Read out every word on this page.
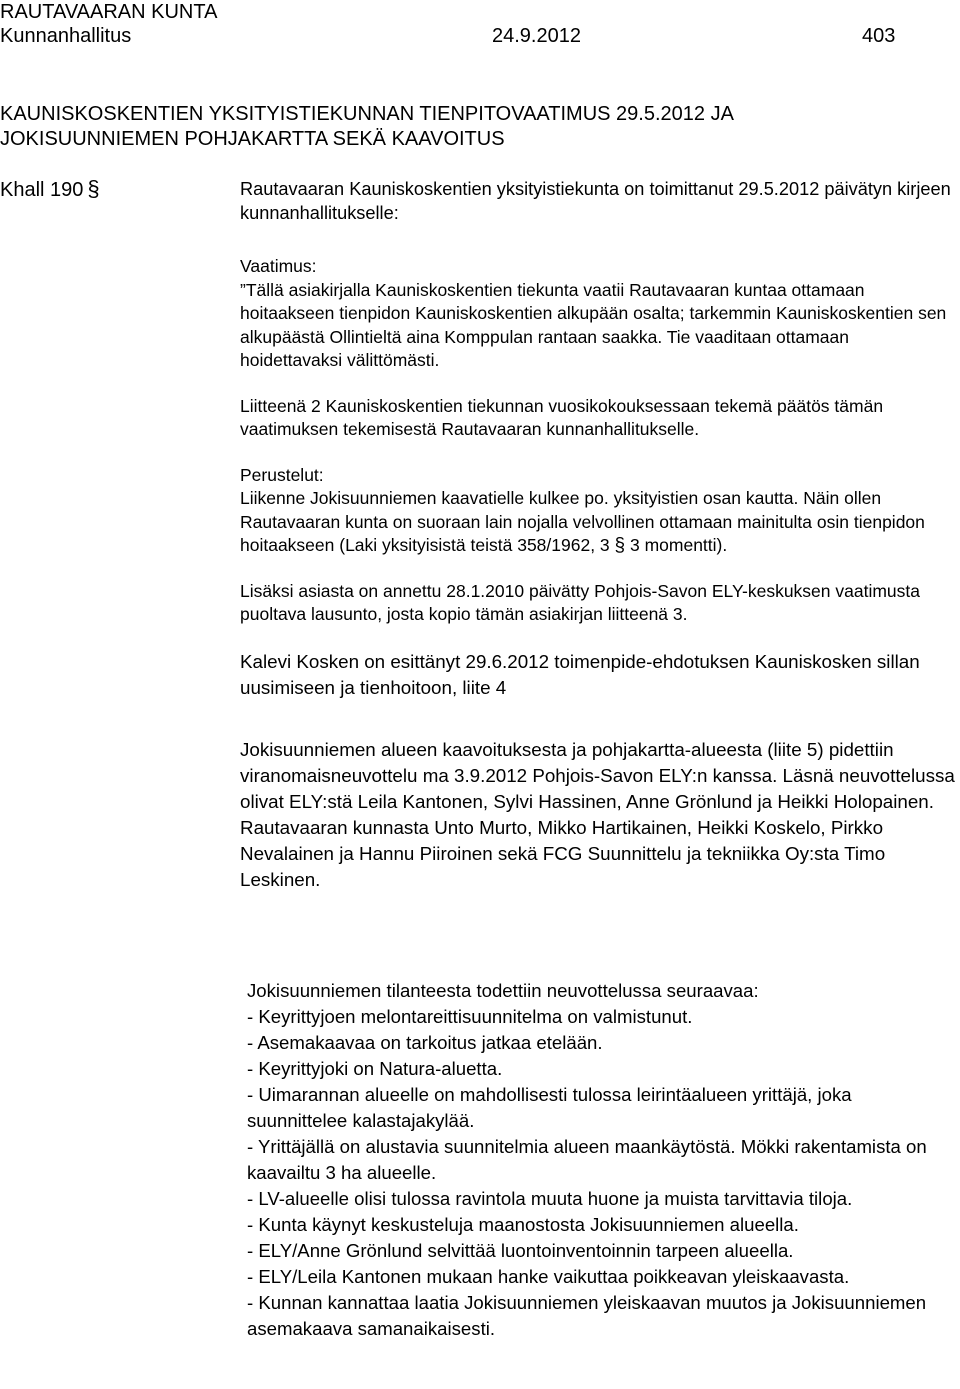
RAUTAVAARAN KUNTA
Kunnanhallitus	24.9.2012	403
KAUNISKOSKENTIEN YKSITYISTIEKUNNAN TIENPITOVAATIMUS 29.5.2012 JA
JOKISUUNNIEMEN POHJAKARTTA SEKÄ KAAVOITUS
Khall 190 §	Rautavaaran Kauniskoskentien yksityistiekunta on toimittanut 29.5.2012 päivätyn kirjeen kunnanhallitukselle:

Vaatimus:

”Tällä asiakirjalla Kauniskoskentien tiekunta vaatii Rautavaaran kuntaa ottamaan hoitaakseen tienpidon Kauniskoskentien alkupään osalta; tarkemmin Kauniskoskentien sen alkupäästä Ollintieltä aina Komppulan rantaan saakka. Tie vaaditaan ottamaan hoidettavaksi välittömästi.

Liitteenä 2 Kauniskoskentien tiekunnan vuosikokouksessaan tekemä päätös tämän vaatimuksen tekemisestä Rautavaaran kunnanhallitukselle.

Perustelut:

Liikenne Jokisuunniemen kaavatielle kulkee po. yksityistien osan kautta. Näin ollen Rautavaaran kunta on suoraan lain nojalla velvollinen ottamaan mainitulta osin tienpidon hoitaakseen (Laki yksityisistä teistä 358/1962, 3 § 3 momentti).

Lisäksi asiasta on annettu 28.1.2010 päivätty Pohjois-Savon ELY-keskuksen vaatimusta puoltava lausunto, josta kopio tämän asiakirjan liitteenä 3.

Kalevi Kosken on esittänyt 29.6.2012 toimenpide-ehdotuksen Kauniskosken sillan uusimiseen ja tienhoitoon, liite 4

Jokisuunniemen alueen kaavoituksesta ja pohjakartta-alueesta (liite 5) pidettiin viranomaisneuvottelu ma 3.9.2012 Pohjois-Savon ELY:n kanssa. Läsnä neuvottelussa olivat ELY:stä Leila Kantonen, Sylvi Hassinen, Anne Grönlund ja Heikki Holopainen. Rautavaaran kunnasta Unto Murto, Mikko Hartikainen, Heikki Koskelo, Pirkko Nevalainen ja Hannu Piiroinen sekä FCG Suunnittelu ja tekniikka Oy:sta Timo Leskinen.

Jokisuunniemen tilanteesta todettiin neuvottelussa seuraavaa:

- Keyrittyjoen melontareittisuunnitelma on valmistunut.
- Asemakaavaa on tarkoitus jatkaa etelään.
- Keyrittyjoki on Natura-aluetta.
- Uimarannan alueelle on mahdollisesti tulossa leirintäalueen yrittäjä, joka suunnittelee kalastajakylää.
- Yrittäjällä on alustavia suunnitelmia alueen maankäytöstä. Mökki rakentamista on kaavailtu 3 ha alueelle.
- LV-alueelle olisi tulossa ravintola muuta huone ja muista tarvittavia tiloja.
- Kunta käynyt keskusteluja maanostosta Jokisuunniemen alueella.
- ELY/Anne Grönlund selvittää luontoinventoinnin tarpeen alueella.
- ELY/Leila Kantonen mukaan hanke vaikuttaa poikkeavan yleiskaavasta.
- Kunnan kannattaa laatia Jokisuunniemen yleiskaavan muutos ja Jokisuunniemen asemakaava samanaikaisesti.
